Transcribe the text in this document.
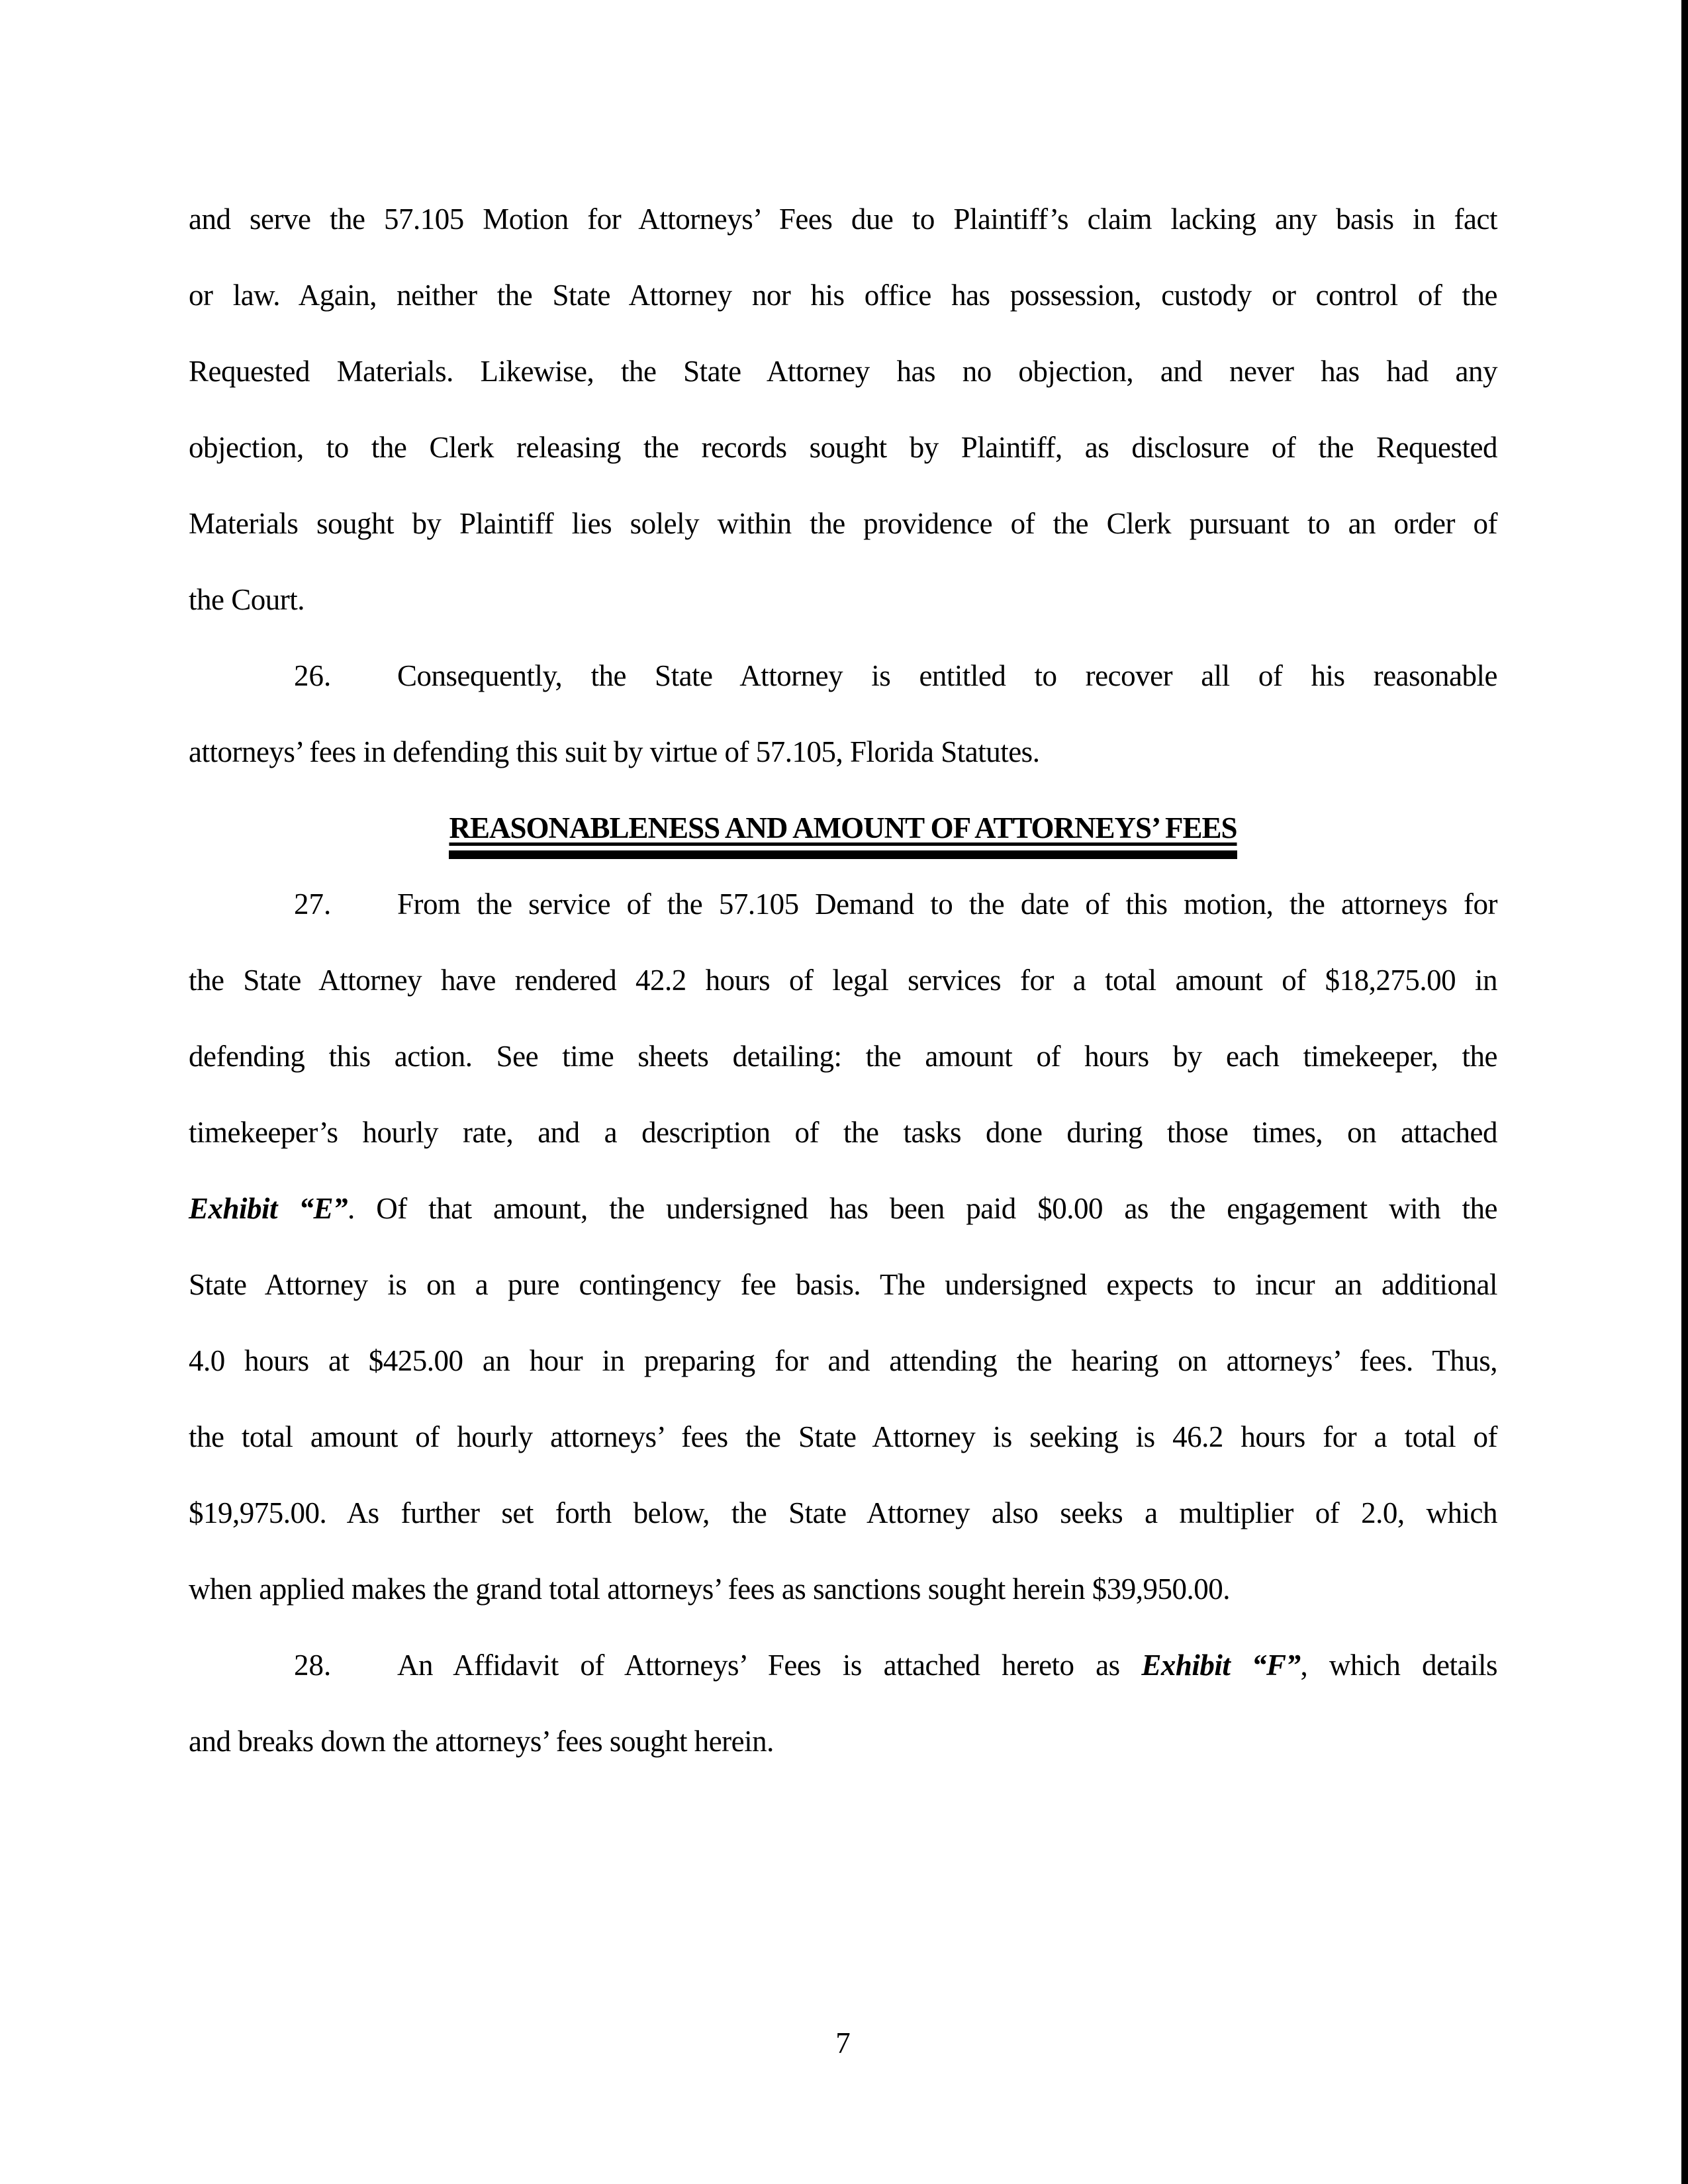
and serve the 57.105 Motion for Attorneys’ Fees due to Plaintiff’s claim lacking any basis in fact
or law. Again, neither the State Attorney nor his office has possession, custody or control of the
Requested Materials. Likewise, the State Attorney has no objection, and never has had any
objection, to the Clerk releasing the records sought by Plaintiff, as disclosure of the Requested
Materials sought by Plaintiff lies solely within the providence of the Clerk pursuant to an order of
the Court.
26. Consequently, the State Attorney is entitled to recover all of his reasonable
attorneys’ fees in defending this suit by virtue of 57.105, Florida Statutes.
REASONABLENESS AND AMOUNT OF ATTORNEYS’ FEES
27. From the service of the 57.105 Demand to the date of this motion, the attorneys for
the State Attorney have rendered 42.2 hours of legal services for a total amount of $18,275.00 in
defending this action. See time sheets detailing: the amount of hours by each timekeeper, the
timekeeper’s hourly rate, and a description of the tasks done during those times, on attached
Exhibit “E”. Of that amount, the undersigned has been paid $0.00 as the engagement with the
State Attorney is on a pure contingency fee basis. The undersigned expects to incur an additional
4.0 hours at $425.00 an hour in preparing for and attending the hearing on attorneys’ fees. Thus,
the total amount of hourly attorneys’ fees the State Attorney is seeking is 46.2 hours for a total of
$19,975.00. As further set forth below, the State Attorney also seeks a multiplier of 2.0, which
when applied makes the grand total attorneys’ fees as sanctions sought herein $39,950.00.
28. An Affidavit of Attorneys’ Fees is attached hereto as Exhibit “F”, which details
and breaks down the attorneys’ fees sought herein.
7
